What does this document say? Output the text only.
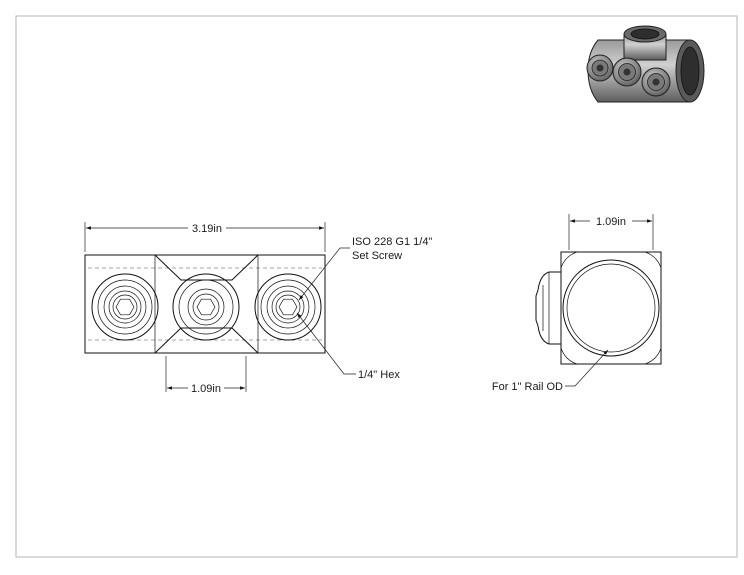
3.19in
1.09in
ISO 228 G1 1/4"
Set Screw
1/4" Hex
1.09in
For 1" Rail OD
